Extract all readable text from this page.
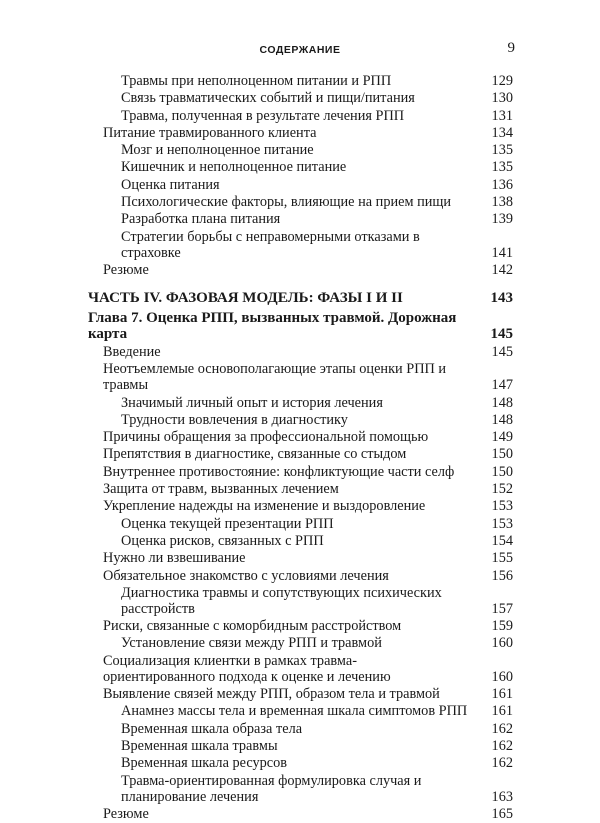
СОДЕРЖАНИЕ	9
Травмы при неполноценном питании и РПП	129
Связь травматических событий и пищи/питания	130
Травма, полученная в результате лечения РПП	131
Питание травмированного клиента	134
Мозг и неполноценное питание	135
Кишечник и неполноценное питание	135
Оценка питания	136
Психологические факторы, влияющие на прием пищи	138
Разработка плана питания	139
Стратегии борьбы с неправомерными отказами в страховке	141
Резюме	142
ЧАСТЬ IV. ФАЗОВАЯ МОДЕЛЬ: ФАЗЫ I И II	143
Глава 7. Оценка РПП, вызванных травмой. Дорожная карта	145
Введение	145
Неотъемлемые основополагающие этапы оценки РПП и травмы	147
Значимый личный опыт и история лечения	148
Трудности вовлечения в диагностику	148
Причины обращения за профессиональной помощью	149
Препятствия в диагностике, связанные со стыдом	150
Внутреннее противостояние: конфликтующие части селф	150
Защита от травм, вызванных лечением	152
Укрепление надежды на изменение и выздоровление	153
Оценка текущей презентации РПП	153
Оценка рисков, связанных с РПП	154
Нужно ли взвешивание	155
Обязательное знакомство с условиями лечения	156
Диагностика травмы и сопутствующих психических расстройств	157
Риски, связанные с коморбидным расстройством	159
Установление связи между РПП и травмой	160
Социализация клиентки в рамках травма-ориентированного подхода к оценке и лечению	160
Выявление связей между РПП, образом тела и травмой	161
Анамнез массы тела и временная шкала симптомов РПП	161
Временная шкала образа тела	162
Временная шкала травмы	162
Временная шкала ресурсов	162
Травма-ориентированная формулировка случая и планирование лечения	163
Резюме	165
